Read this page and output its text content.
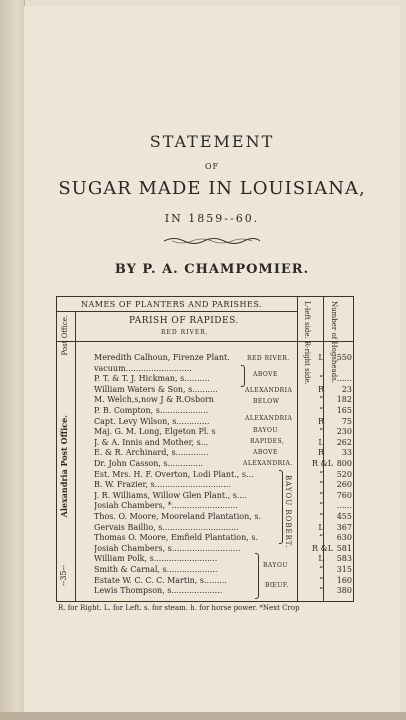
STATEMENT
OF
SUGAR MADE IN LOUISIANA,
IN 1859--60.
BY P. A. CHAMPOMIER.
NAMES OF PLANTERS AND PARISHES.
Post Office.	PARISH OF RAPIDES.
RED RIVER.	L-left side. R-right side.	Number of Hogsheads.
Alexandria Post Office.
--35--
Meredith Calhoun, Firenze Plant.	L	550
vacuum..........................
P. T. & T. J. Hickman, s..........	“	......
William Waters & Son, s..........	R	23
M. Welch,s,now J & R.Osborn	“	182
P. B. Compton, s...................	“	165
Capt. Levy Wilson, s.............	R	75
Maj. G. M. Long, Elgeton Pl. s	“	230
J. & A. Innis and Mother, s...	L	262
E. & R. Archinard, s.............	R	33
Dr. John Casson, s..............	R &L 800
Est. Mrs. H. F. Overton, Lodi Plant., s...	“	520
B. W. Frazier, s..............................	“	260
J. R. Williams, Willow Glen Plant., s....	“	760
Josiah Chambers, *..........................	“	......
Thos. O. Moore, Mooreland Plantation, s.	“	455
Gervais Baillio, s..............................	L	367
Thomas O. Moore, Emfield Plantation, s.	“	630
Josiah Chambers, s...........................	R &L 581
William Polk, s.........................	L	583
Smith & Carnal, s....................	“	315
Estate W. C. C. C. Martin, s.........	“	160
Lewis Thompson, s....................	“	380
RED RIVER.
ABOVE
ALEXANDRIA
BELOW
ALEXANDRIA
BAYOU
RAPIDES,
ABOVE
ALEXANDRIA.
BAYOU ROBERT.
BAYOU
BŒUF.
R. for Right. L. for Left. s. for steam. h. for horse power. *Next Crop
